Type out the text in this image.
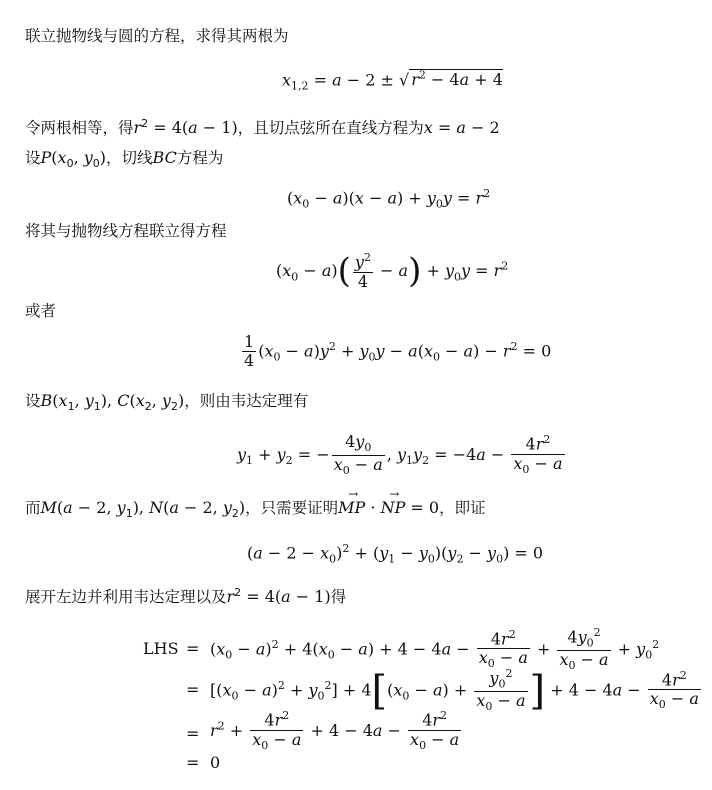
联立抛物线与圆的方程，求得其两根为
$x_{1,2} = a - 2$ ± √ $r^2 - 4a + 4$
令两根相等，得$r^2 = 4(a - 1)$，且切点弦所在直线方程为x = a − 2
设$P(x_0$, $y_0$)，切线BC方程为
$(x_0 - a)(x - a) + y_0y = r^2$
将其与抛物线方程联立得方程
$(x_0 - a)( \frac{y^2}{4} - a) + y_0y = r^2$
或者
$\frac{1}{4} (x_0 - a)y^2 + y_0y - a(x_0 - a) - r^2 = 0$
设$B(x_1$, $y_1$), $C(x_2$, $y_2$)，则由韦达定理有
$y_1 + y_2$ = − $\frac{4y_0}{x_0 - a}$ , $y_1y_2 = -4a - \frac{4r^2}{x_0 - a}$
而M(a − 2, $y_1$), N(a − 2, $y_2$)，只需要证明→ MP · → NP = 0，即证
$(a - 2 - x_0)^2 + (y_1 - y_0)(y_2 - y_0) = 0$
展开左边并利用韦达定理以及$r^2 = 4(a - 1)$得
LHS = $(x_0 - a)^2 + 4(x_0 - a) + 4 - 4a - \frac{4r^2}{x_0 - a} + \frac{4y_0^2}{x_0 - a} + y_0^2$
= $[(x_0 - a)^2 + y_0^2] + 4[(x_0 - a) + \frac{y_0^2}{x_0 - a}$ ] + $4 - 4a - \frac{4r^2}{x_0 - a}$
= $r^2 + \frac{4r^2}{x_0 - a} + 4 - 4a - \frac{4r^2}{x_0 - a}$
= 0
